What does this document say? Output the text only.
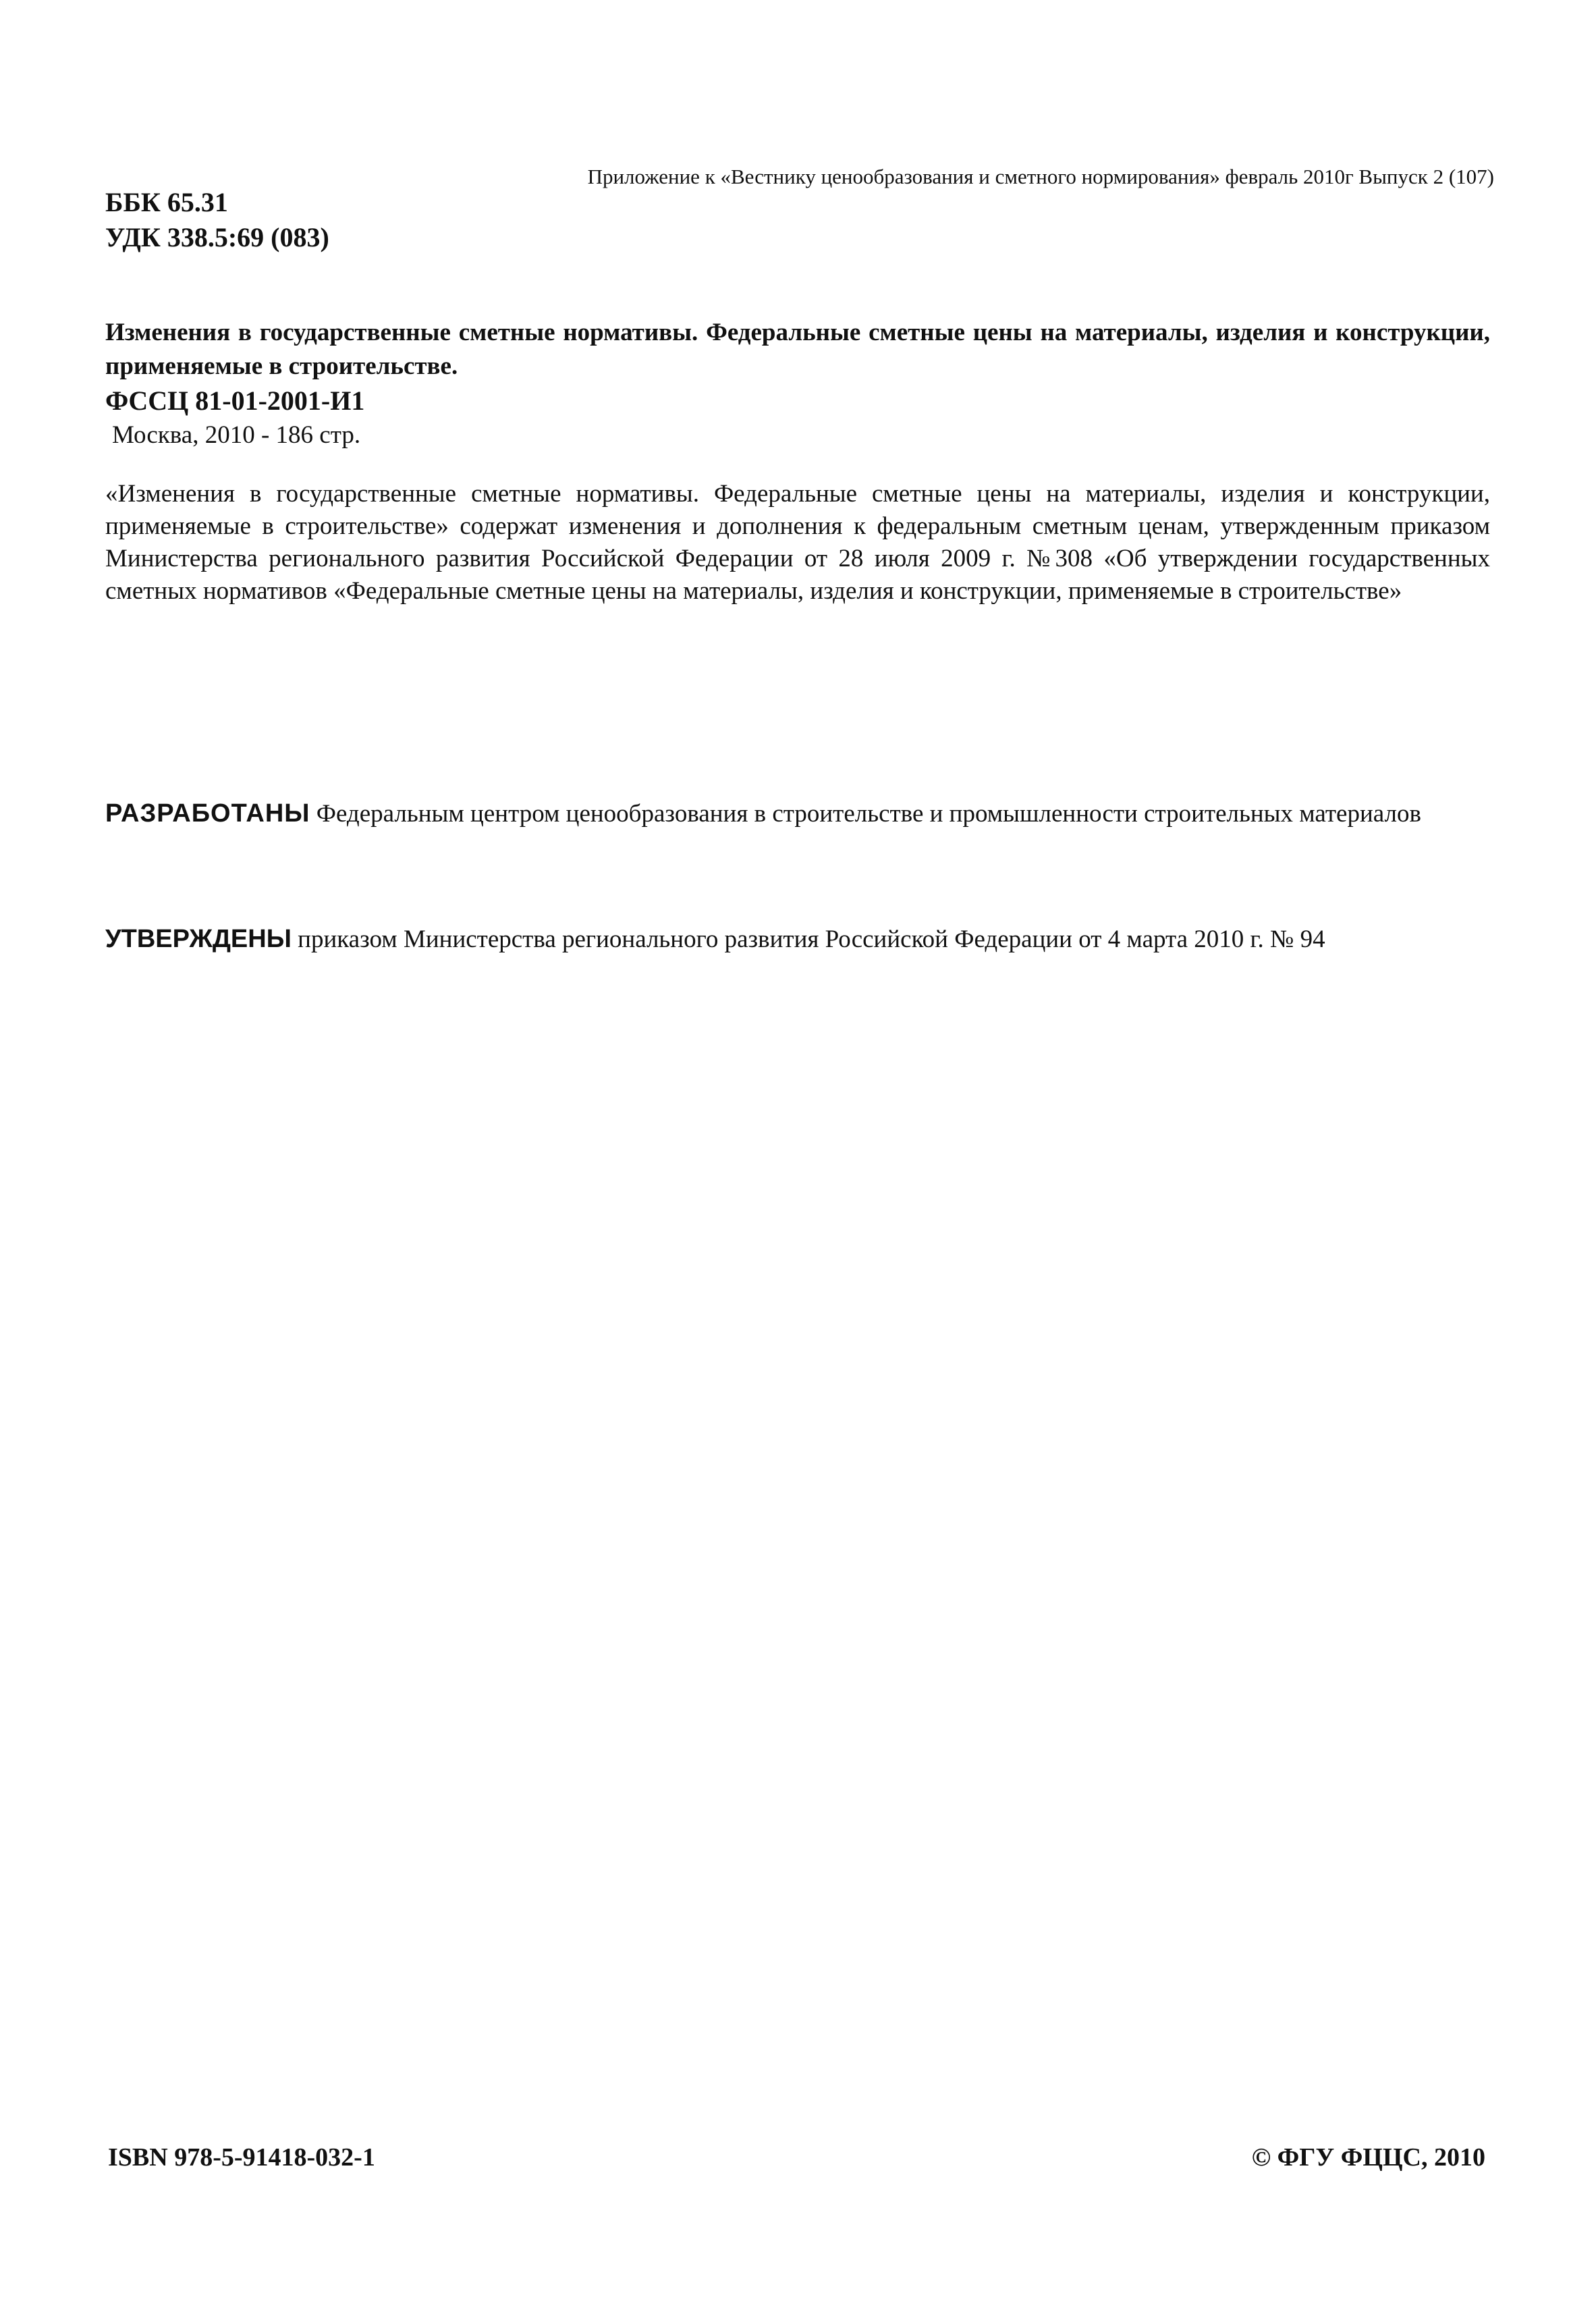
Приложение к «Вестнику ценообразования и сметного нормирования» февраль 2010г Выпуск 2 (107)
ББК 65.31
УДК 338.5:69 (083)

Изменения в государственные сметные нормативы. Федеральные сметные цены на материалы, изделия и конструкции, применяемые в строительстве.

ФССЦ 81-01-2001-И1

Москва, 2010 - 186 стр.

«Изменения в государственные сметные нормативы. Федеральные сметные цены на материалы, изделия и конструкции, применяемые в строительстве» содержат изменения и дополнения к федеральным сметным ценам, утвержденным приказом Министерства регионального развития Российской Федерации от 28 июля 2009 г. №308 «Об утверждении государственных сметных нормативов «Федеральные сметные цены на материалы, изделия и конструкции, применяемые в строительстве»

РАЗРАБОТАНЫ Федеральным центром ценообразования в строительстве и промышленности строительных материалов

УТВЕРЖДЕНЫ приказом Министерства регионального развития Российской Федерации от 4 марта 2010 г. № 94

ISBN 978-5-91418-032-1	© ФГУ ФЦЦС, 2010
